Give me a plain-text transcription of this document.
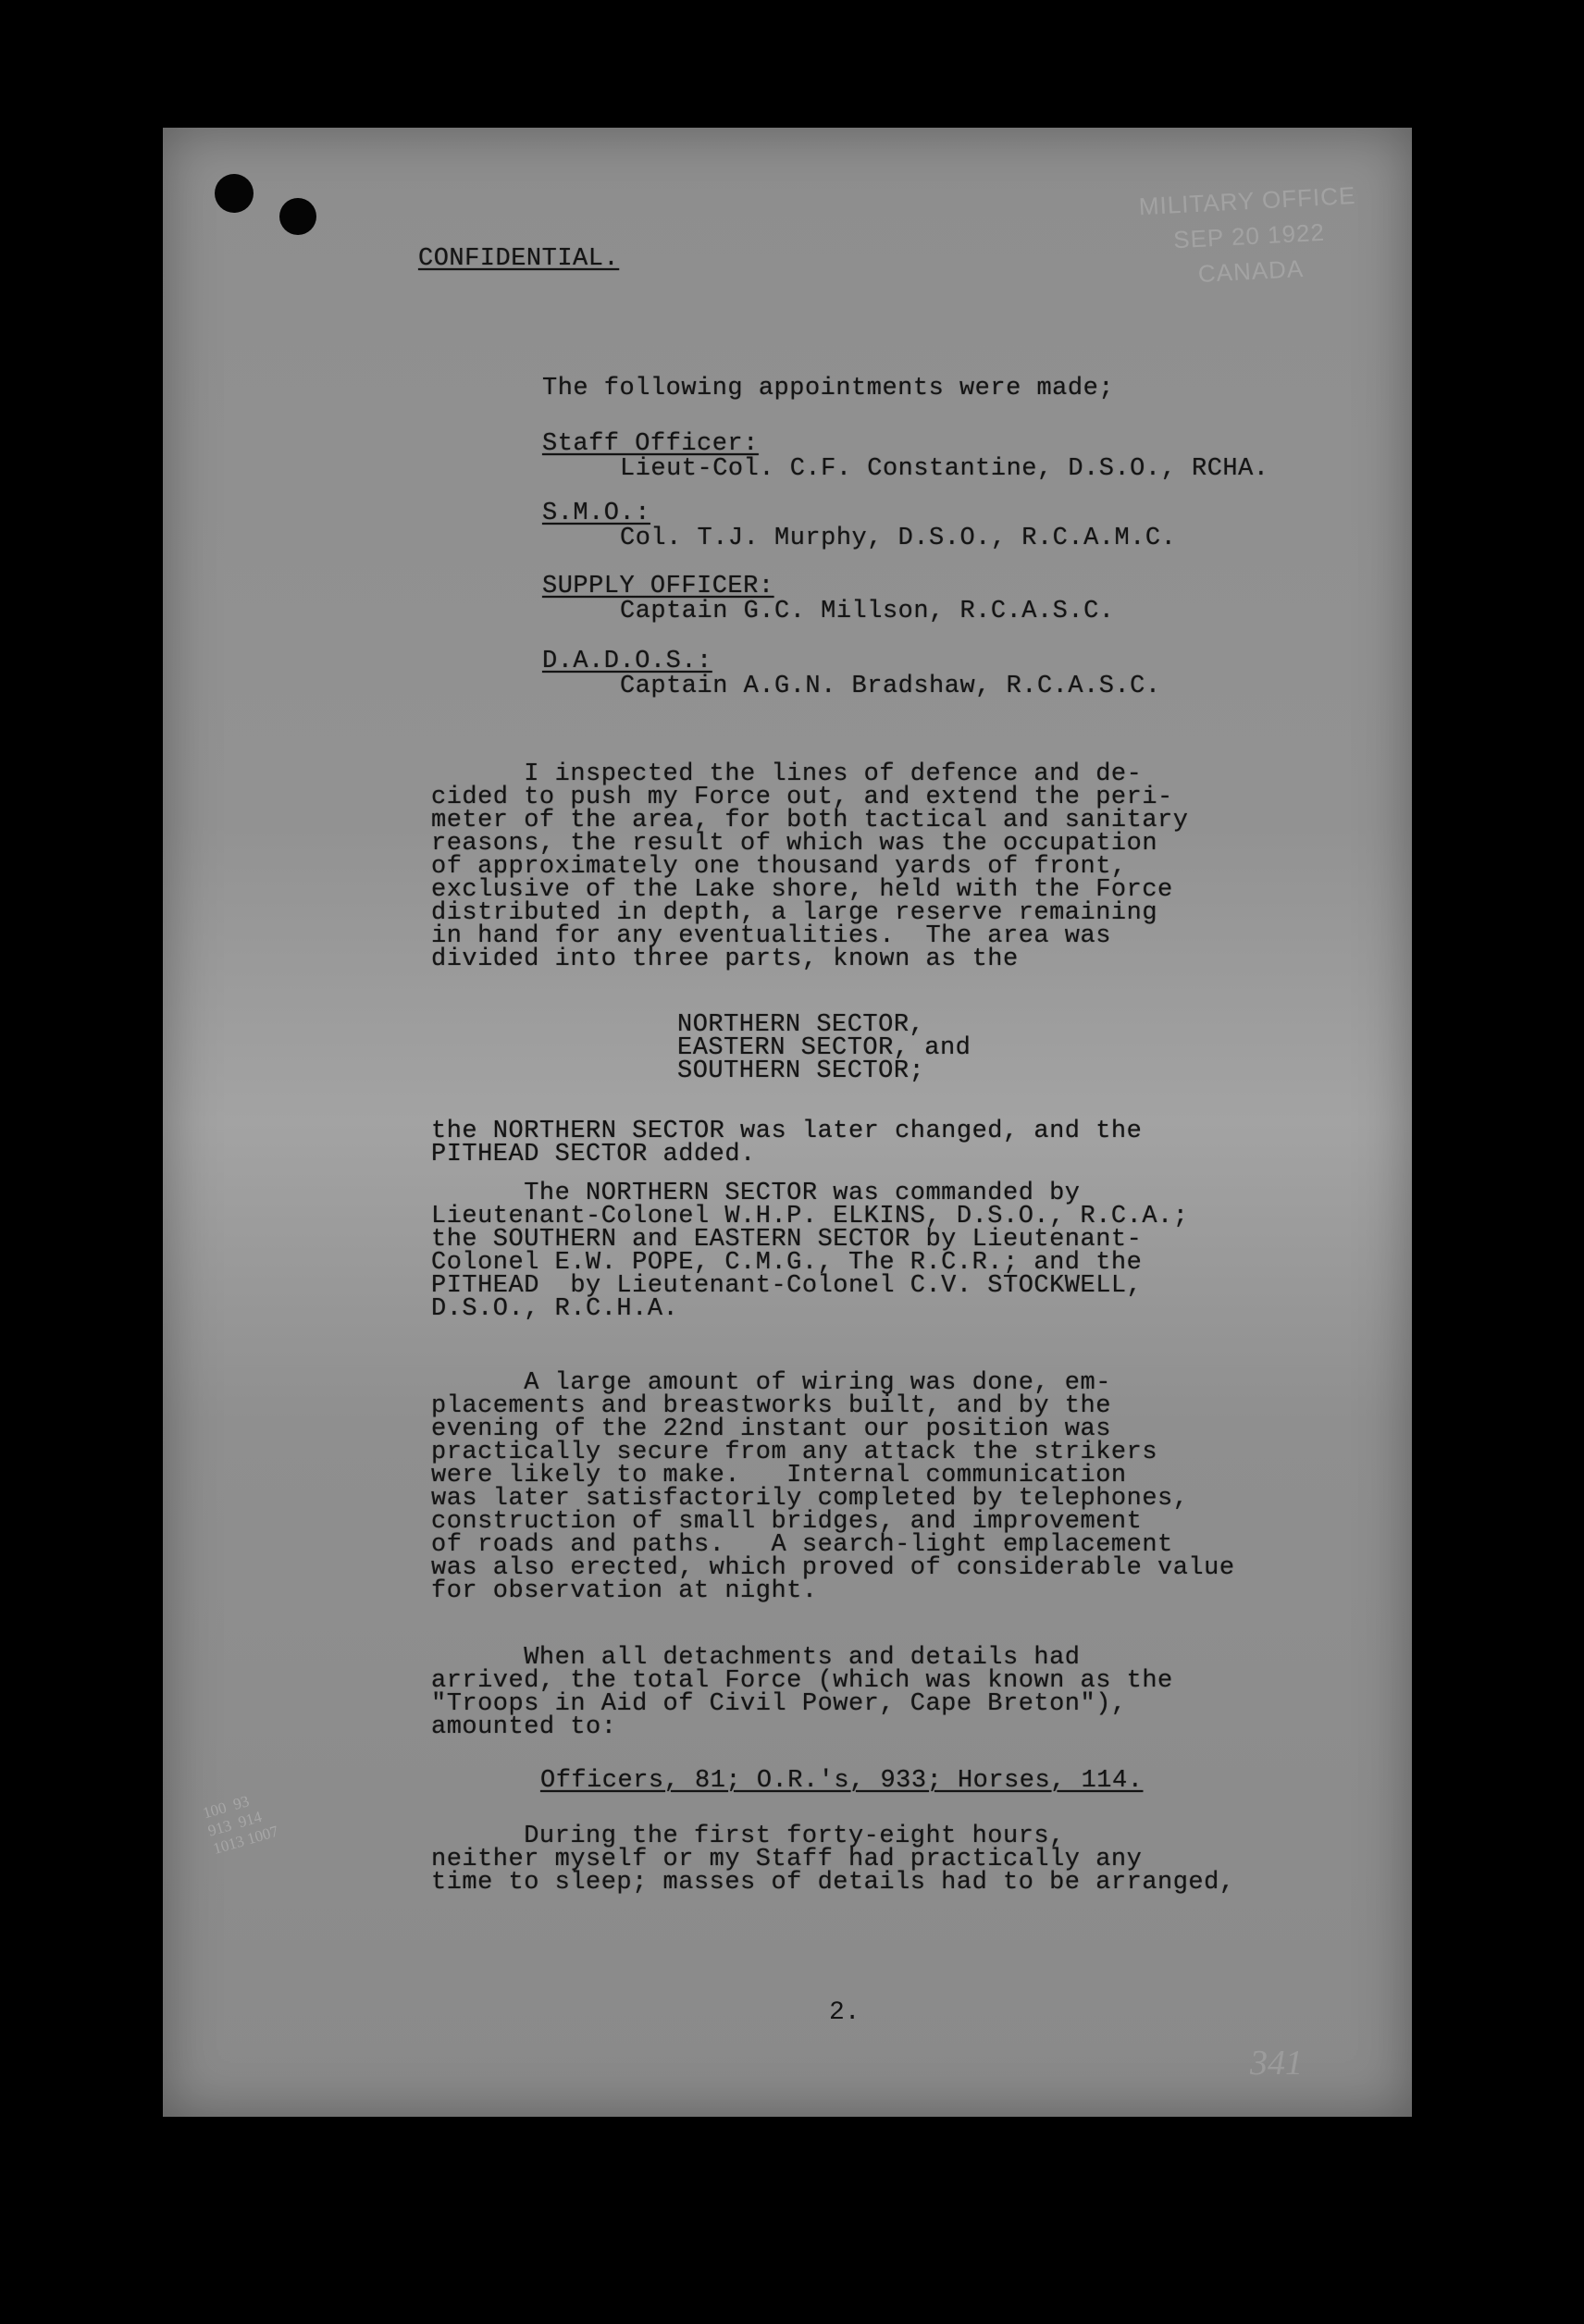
MILITARY OFFICE
SEP 20 1922
CANADA
CONFIDENTIAL.
The following appointments were made;
Staff Officer:
Lieut-Col. C.F. Constantine, D.S.O., RCHA.
S.M.O.:
Col. T.J. Murphy, D.S.O., R.C.A.M.C.
SUPPLY OFFICER:
Captain G.C. Millson, R.C.A.S.C.
D.A.D.O.S.:
Captain A.G.N. Bradshaw, R.C.A.S.C.
I inspected the lines of defence and de-
cided to push my Force out, and extend the peri-
meter of the area, for both tactical and sanitary
reasons, the result of which was the occupation
of approximately one thousand yards of front,
exclusive of the Lake shore, held with the Force
distributed in depth, a large reserve remaining
in hand for any eventualities.  The area was
divided into three parts, known as the
NORTHERN SECTOR,
EASTERN SECTOR, and
SOUTHERN SECTOR;
the NORTHERN SECTOR was later changed, and the
PITHEAD SECTOR added.
The NORTHERN SECTOR was commanded by
Lieutenant-Colonel W.H.P. ELKINS, D.S.O., R.C.A.;
the SOUTHERN and EASTERN SECTOR by Lieutenant-
Colonel E.W. POPE, C.M.G., The R.C.R.; and the
PITHEAD  by Lieutenant-Colonel C.V. STOCKWELL,
D.S.O., R.C.H.A.
A large amount of wiring was done, em-
placements and breastworks built, and by the
evening of the 22nd instant our position was
practically secure from any attack the strikers
were likely to make.   Internal communication
was later satisfactorily completed by telephones,
construction of small bridges, and improvement
of roads and paths.   A search-light emplacement
was also erected, which proved of considerable value
for observation at night.
When all detachments and details had
arrived, the total Force (which was known as the
"Troops in Aid of Civil Power, Cape Breton"),
amounted to:
Officers, 81; O.R.'s, 933; Horses, 114.
During the first forty-eight hours,
neither myself or my Staff had practically any
time to sleep; masses of details had to be arranged,
100  93
913  914
1013 1007
341
2.
